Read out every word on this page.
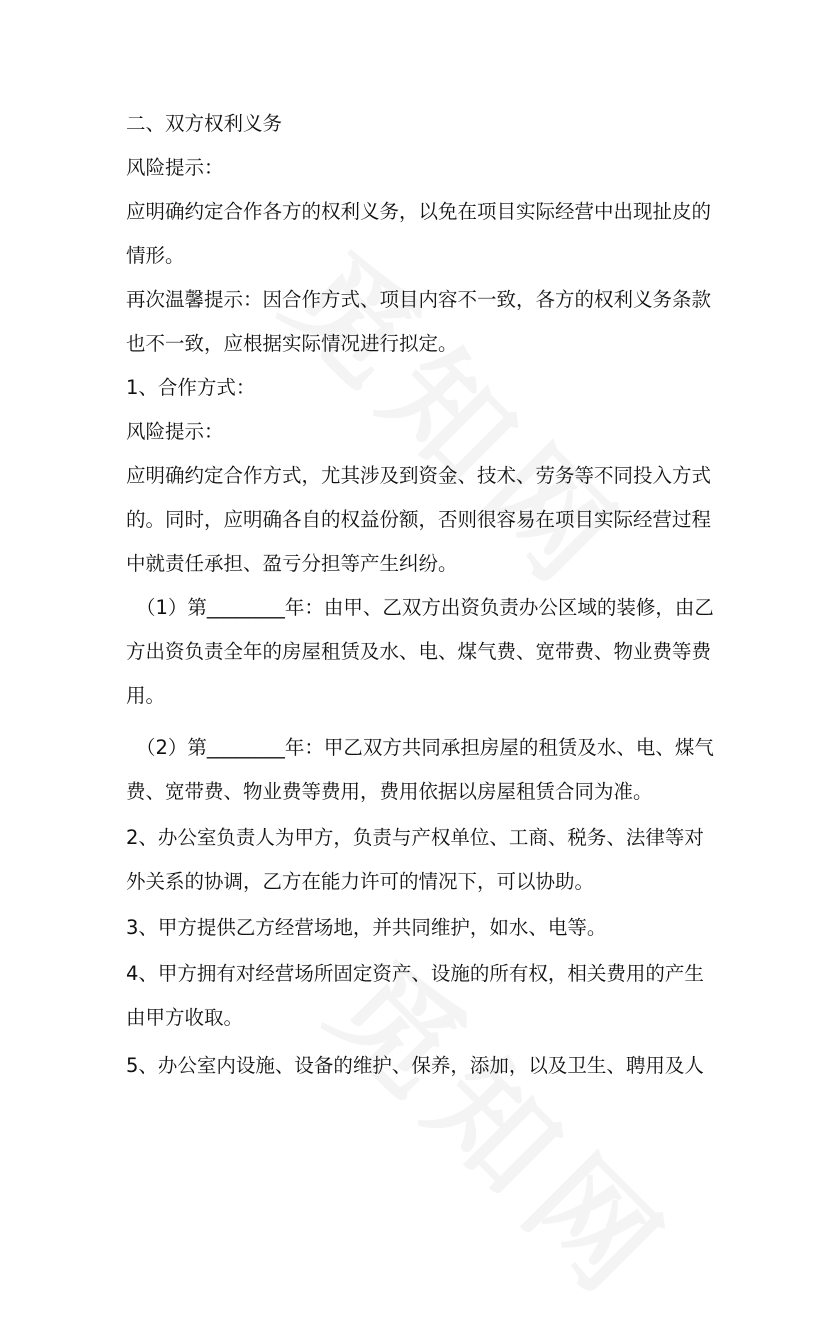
二、双方权利义务
风险提示：
应明确约定合作各方的权利义务，以免在项目实际经营中出现扯皮的
情形。
再次温馨提示：因合作方式、项目内容不一致，各方的权利义务条款
也不一致，应根据实际情况进行拟定。
1、合作方式：
风险提示：
应明确约定合作方式，尤其涉及到资金、技术、劳务等不同投入方式
的。同时，应明确各自的权益份额，否则很容易在项目实际经营过程
中就责任承担、盈亏分担等产生纠纷。
（1）第________年：由甲、乙双方出资负责办公区域的装修，由乙
方出资负责全年的房屋租赁及水、电、煤气费、宽带费、物业费等费
用。
（2）第________年：甲乙双方共同承担房屋的租赁及水、电、煤气
费、宽带费、物业费等费用，费用依据以房屋租赁合同为准。
2、办公室负责人为甲方，负责与产权单位、工商、税务、法律等对
外关系的协调，乙方在能力许可的情况下，可以协助。
3、甲方提供乙方经营场地，并共同维护，如水、电等。
4、甲方拥有对经营场所固定资产、设施的所有权，相关费用的产生
由甲方收取。
5、办公室内设施、设备的维护、保养，添加，以及卫生、聘用及人
